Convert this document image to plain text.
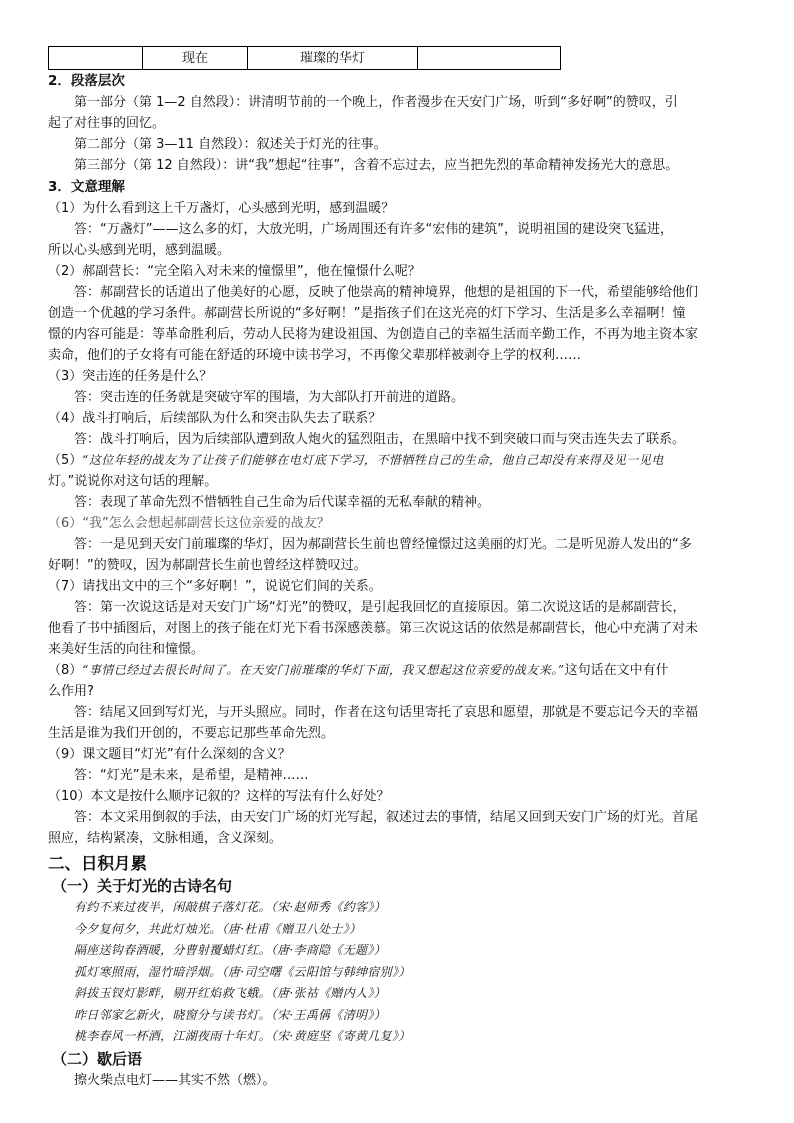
	现在	璀璨的华灯	
2．段落层次

第一部分（第 1—2 自然段）：讲清明节前的一个晚上，作者漫步在天安门广场，听到“多好啊”的赞叹，引

起了对往事的回忆。

第二部分（第 3—11 自然段）：叙述关于灯光的往事。

第三部分（第 12 自然段）：讲“我”想起“往事”，含着不忘过去，应当把先烈的革命精神发扬光大的意思。

3．文意理解

（1）为什么看到这上千万盏灯，心头感到光明，感到温暖？

答：“万盏灯”——这么多的灯，大放光明，广场周围还有许多“宏伟的建筑”，说明祖国的建设突飞猛进，

所以心头感到光明，感到温暖。

（2）郝副营长：“完全陷入对未来的憧憬里”，他在憧憬什么呢？

答：郝副营长的话道出了他美好的心愿，反映了他崇高的精神境界，他想的是祖国的下一代，希望能够给他们

创造一个优越的学习条件。郝副营长所说的“多好啊！”是指孩子们在这光亮的灯下学习、生活是多么幸福啊！憧

憬的内容可能是：等革命胜利后，劳动人民将为建设祖国、为创造自己的幸福生活而辛勤工作，不再为地主资本家

卖命，他们的子女将有可能在舒适的环境中读书学习，不再像父辈那样被剥夺上学的权利……

（3）突击连的任务是什么？

答：突击连的任务就是突破守军的围墙，为大部队打开前进的道路。

（4）战斗打响后，后续部队为什么和突击队失去了联系？

答：战斗打响后，因为后续部队遭到敌人炮火的猛烈阻击，在黑暗中找不到突破口而与突击连失去了联系。

（5）“这位年轻的战友为了让孩子们能够在电灯底下学习，不惜牺牲自己的生命，他自己却没有来得及见一见电

灯。”说说你对这句话的理解。

答：表现了革命先烈不惜牺牲自己生命为后代谋幸福的无私奉献的精神。

（6）“我”怎么会想起郝副营长这位亲爱的战友？

答：一是见到天安门前璀璨的华灯，因为郝副营长生前也曾经憧憬过这美丽的灯光。二是听见游人发出的“多

好啊！”的赞叹，因为郝副营长生前也曾经这样赞叹过。

（7）请找出文中的三个“多好啊！”，说说它们间的关系。

答：第一次说这话是对天安门广场“灯光”的赞叹，是引起我回忆的直接原因。第二次说这话的是郝副营长，

他看了书中插图后，对图上的孩子能在灯光下看书深感羡慕。第三次说这话的依然是郝副营长，他心中充满了对未

来美好生活的向往和憧憬。

（8）“事情已经过去很长时间了。在天安门前璀璨的华灯下面，我又想起这位亲爱的战友来。”这句话在文中有什

么作用?

答：结尾又回到写灯光，与开头照应。同时，作者在这句话里寄托了哀思和愿望，那就是不要忘记今天的幸福

生活是谁为我们开创的，不要忘记那些革命先烈。

（9）课文题目“灯光”有什么深刻的含义？

答：“灯光”是未来，是希望，是精神……

（10）本文是按什么顺序记叙的？这样的写法有什么好处？

答：本文采用倒叙的手法，由天安门广场的灯光写起，叙述过去的事情，结尾又回到天安门广场的灯光。首尾

照应，结构紧凑，文脉相通，含义深刻。

二、日积月累
（一）关于灯光的古诗名句

有约不来过夜半，闲敲棋子落灯花。（宋·赵师秀《约客》）

今夕复何夕，共此灯烛光。（唐·杜甫《赠卫八处士》）

隔座送钩春酒暖，分曹射覆蜡灯红。（唐·李商隐《无题》）

孤灯寒照雨，湿竹暗浮烟。（唐·司空曙《云阳馆与韩绅宿别》）

斜拔玉钗灯影畔，剔开红焰救飞蛾。（唐·张祜《赠内人》）

昨日邻家乞新火，晓窗分与读书灯。（宋·王禹偁《清明》）

桃李春风一杯酒，江湖夜雨十年灯。（宋·黄庭坚《寄黄几复》）

（二）歇后语

擦火柴点电灯——其实不然（燃）。
